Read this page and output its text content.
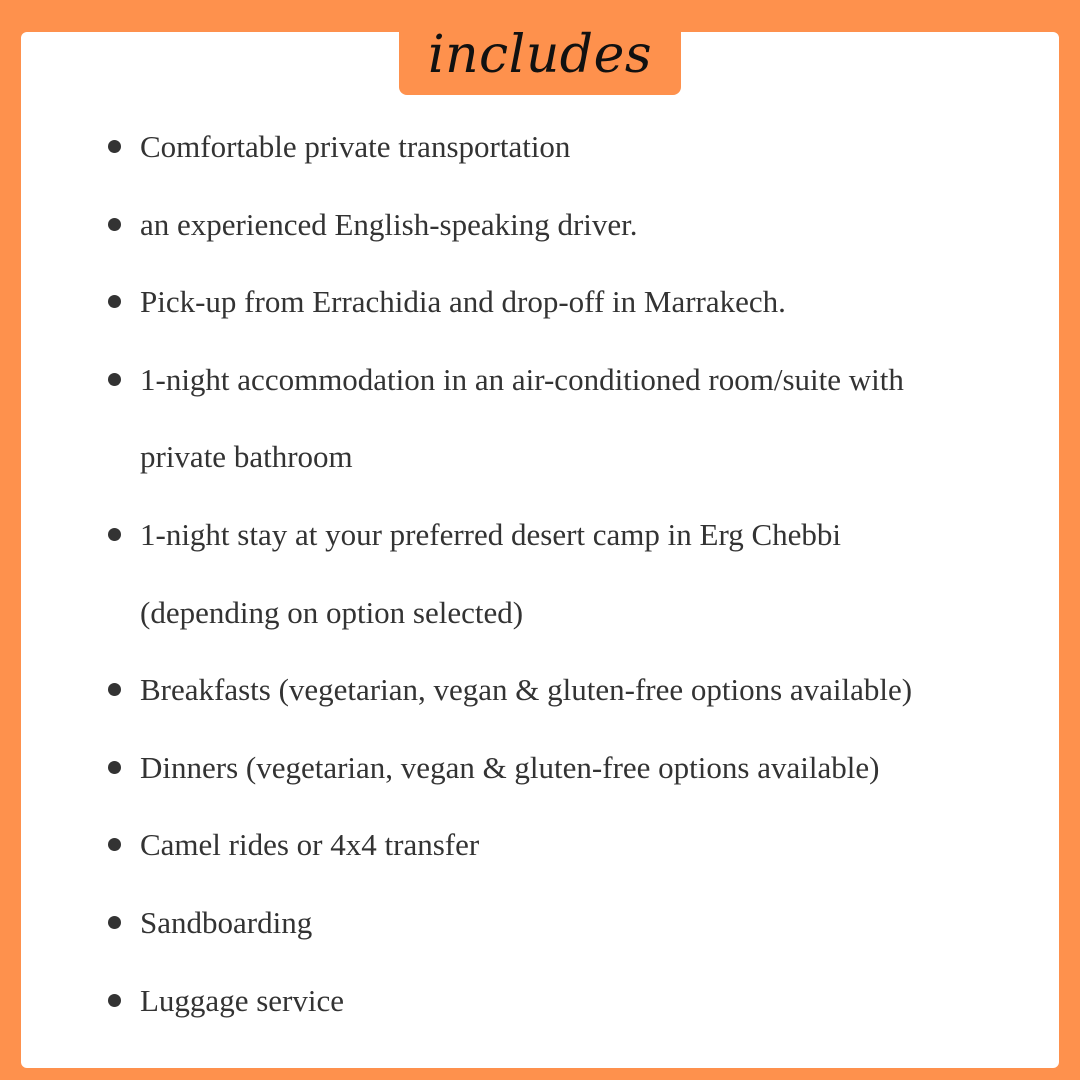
includes
Comfortable private transportation
an experienced English-speaking driver.
Pick-up from Errachidia and drop-off in Marrakech.
1-night accommodation in an air-conditioned room/suite with
private bathroom
1-night stay at your preferred desert camp in Erg Chebbi
(depending on option selected)
Breakfasts (vegetarian, vegan & gluten-free options available)
Dinners (vegetarian, vegan & gluten-free options available)
Camel rides or 4x4 transfer
Sandboarding
Luggage service
